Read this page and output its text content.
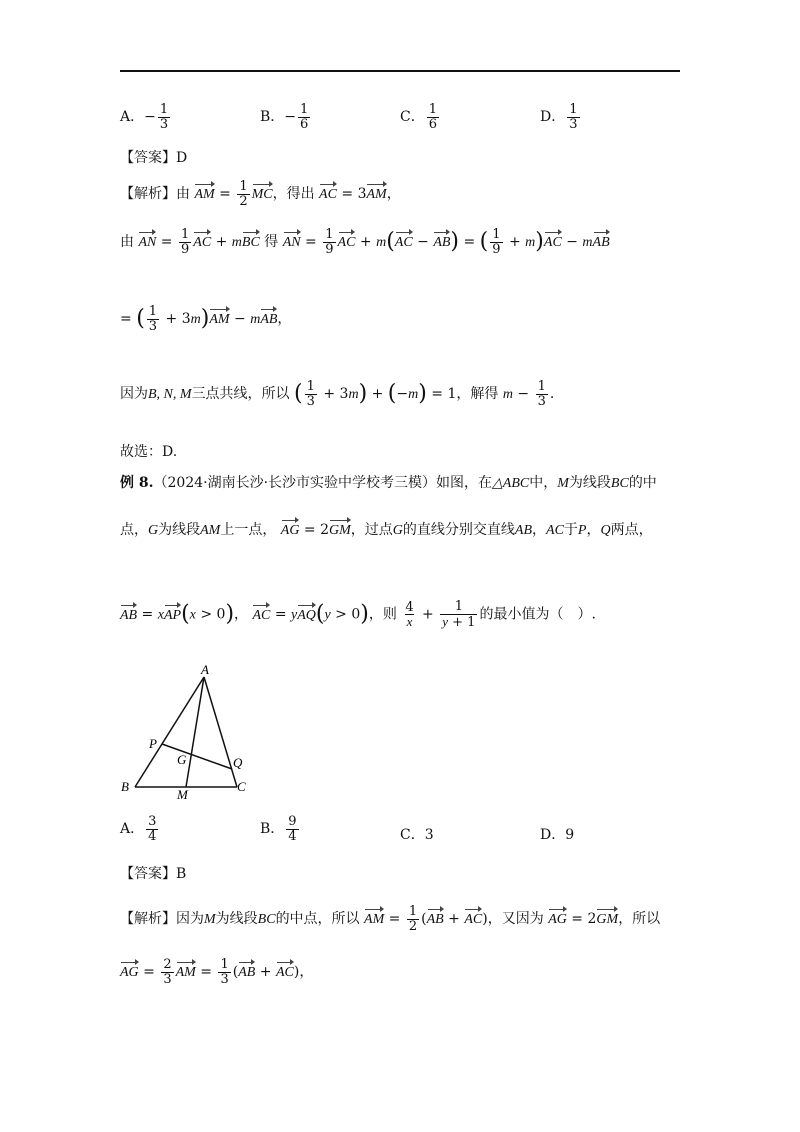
A．− $\frac{1}{3}$	B．− $\frac{1}{6}$	C． $\frac{1}{6}$	D． $\frac{1}{3}$
【答案】D
【解析】由 AM = $\frac{1}{2}$ MC，得出 AC = 3AM，
由 AN = $\frac{1}{9}$ AC + mBC 得 AN = $\frac{1}{9}$ AC + m(AC − AB) = ( $\frac{1}{9} + m)AC$ − mAB
= ( $\frac{1}{3} + 3m)AM$ − mAB，
因为B, N, M三点共线，所以 ( $\frac{1}{3} + 3m) + (-m) = 1$，解得 $m - \frac{1}{3}$ .
故选：D.
例 8.（2024·湖南长沙·长沙市实验中学校考三模）如图，在△ABC中，M为线段BC的中
点，G为线段AM上一点， AG = 2GM，过点G的直线分别交直线AB，AC于P，Q两点，
AB = xAP(x > 0)， AC = yAQ(y > 0)，则 $\frac{4}{x} + \frac{1}{y + 1}$ 的最小值为（　）.
A
B	C
M
G
P
Q
A． $\frac{3}{4}$	B． $\frac{9}{4}$	C．3	D．9
【答案】B
【解析】因为M为线段BC的中点，所以 AM = $\frac{1}{2} (AB + AC)$，又因为 AG = 2GM，所以
AG = $\frac{2}{3}$ AM = $\frac{1}{3} (AB + AC)$，
